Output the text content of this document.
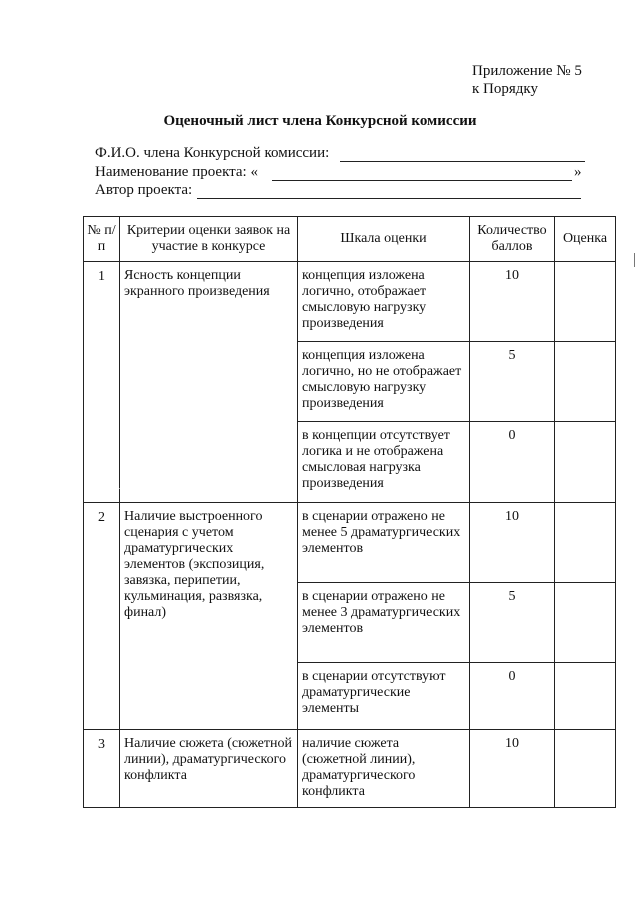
Приложение № 5
к Порядку
Оценочный лист члена Конкурсной комиссии
Ф.И.О. члена Конкурсной комиссии:
Наименование проекта: «	»
Автор проекта:
№ п/п	Критерии оценки заявок на участие в конкурсе	Шкала оценки	Количество баллов	Оценка
1	Ясность концепции экранного произведения	концепция изложена логично, отображает смысловую нагрузку произведения	10	
		концепция изложена логично, но не отображает смысловую нагрузку произведения	5	
		в концепции отсутствует логика и не отображена смысловая нагрузка произведения	0	
2	Наличие выстроенного сценария с учетом драматургических элементов (экспозиция, завязка, перипетии, кульминация, развязка, финал)	в сценарии отражено не менее 5 драматургических элементов	10	
		в сценарии отражено не менее 3 драматургических элементов	5	
		в сценарии отсутствуют драматургические элементы	0	
3	Наличие сюжета (сюжетной линии), драматургического конфликта	наличие сюжета (сюжетной линии), драматургического конфликта	10	
